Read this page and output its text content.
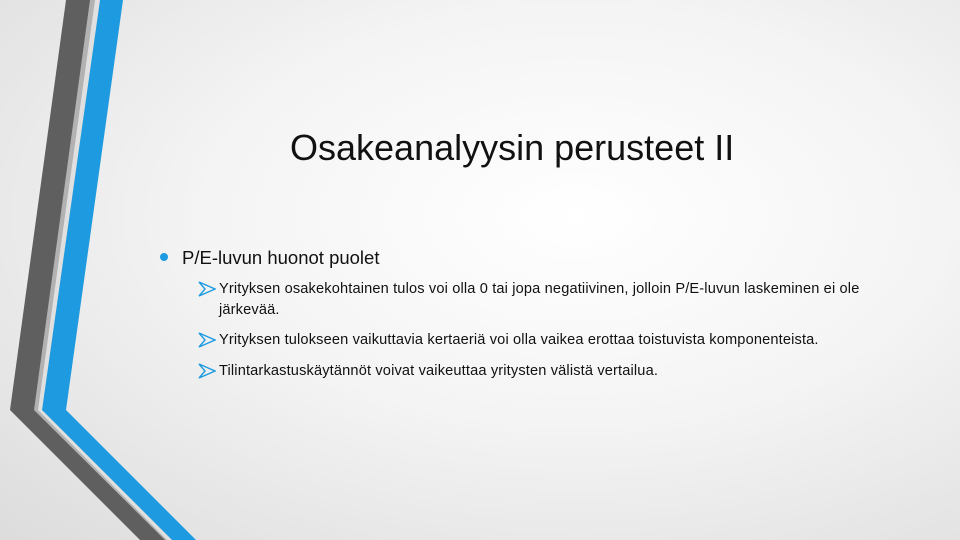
Osakeanalyysin perusteet II
P/E-luvun huonot puolet
Yrityksen osakekohtainen tulos voi olla 0 tai jopa negatiivinen, jolloin P/E-luvun laskeminen ei ole järkevää.
Yrityksen tulokseen vaikuttavia kertaeriä voi olla vaikea erottaa toistuvista komponenteista.
Tilintarkastuskäytännöt voivat vaikeuttaa yritysten välistä vertailua.
